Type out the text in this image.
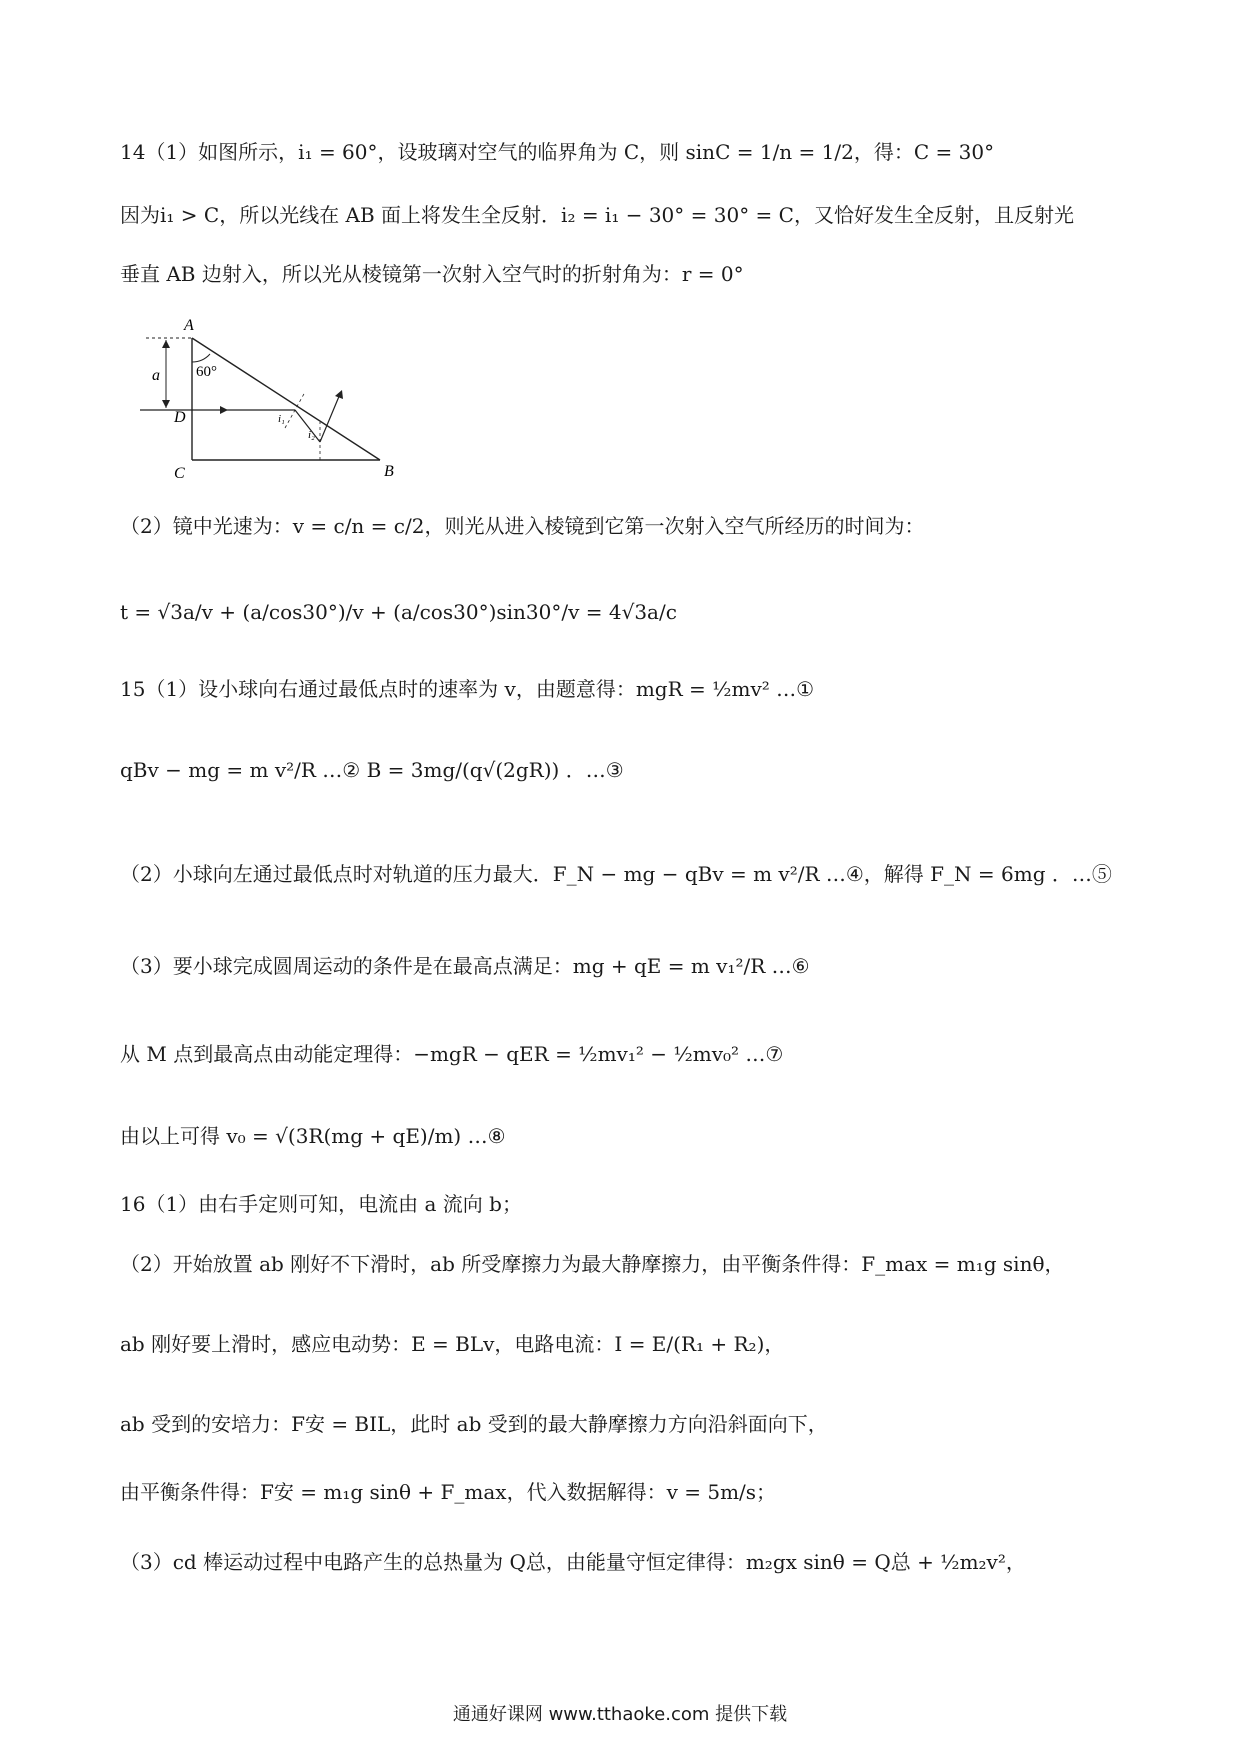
14（1）如图所示，i₁ = 60°，设玻璃对空气的临界角为 C，则 sinC = 1/n = 1/2，得：C = 30°
因为i₁ > C，所以光线在 AB 面上将发生全反射．i₂ = i₁ − 30° = 30° = C，又恰好发生全反射，且反射光
垂直 AB 边射入，所以光从棱镜第一次射入空气时的折射角为：r = 0°
A
B
C
D
a 60°
i₁
i₂
（2）镜中光速为：v = c/n = c/2，则光从进入棱镜到它第一次射入空气所经历的时间为：
t = √3a/v + (a/cos30°)/v + (a/cos30°)sin30°/v = 4√3a/c
15（1）设小球向右通过最低点时的速率为 v，由题意得：mgR = ½mv² …①
qBv − mg = m v²/R …② B = 3mg/(q√(2gR)) ．…③
（2）小球向左通过最低点时对轨道的压力最大．F_N − mg − qBv = m v²/R …④，解得 F_N = 6mg ．…⑤
（3）要小球完成圆周运动的条件是在最高点满足：mg + qE = m v₁²/R …⑥
从 M 点到最高点由动能定理得：−mgR − qER = ½mv₁² − ½mv₀² …⑦
由以上可得 v₀ = √(3R(mg + qE)/m) …⑧
16（1）由右手定则可知，电流由 a 流向 b；
（2）开始放置 ab 刚好不下滑时，ab 所受摩擦力为最大静摩擦力，由平衡条件得：F_max = m₁g sinθ，
ab 刚好要上滑时，感应电动势：E = BLv，电路电流：I = E/(R₁ + R₂)，
ab 受到的安培力：F安 = BIL，此时 ab 受到的最大静摩擦力方向沿斜面向下，
由平衡条件得：F安 = m₁g sinθ + F_max，代入数据解得：v = 5m/s；
（3）cd 棒运动过程中电路产生的总热量为 Q总，由能量守恒定律得：m₂gx sinθ = Q总 + ½m₂v²，
通通好课网 www.tthaoke.com 提供下载
